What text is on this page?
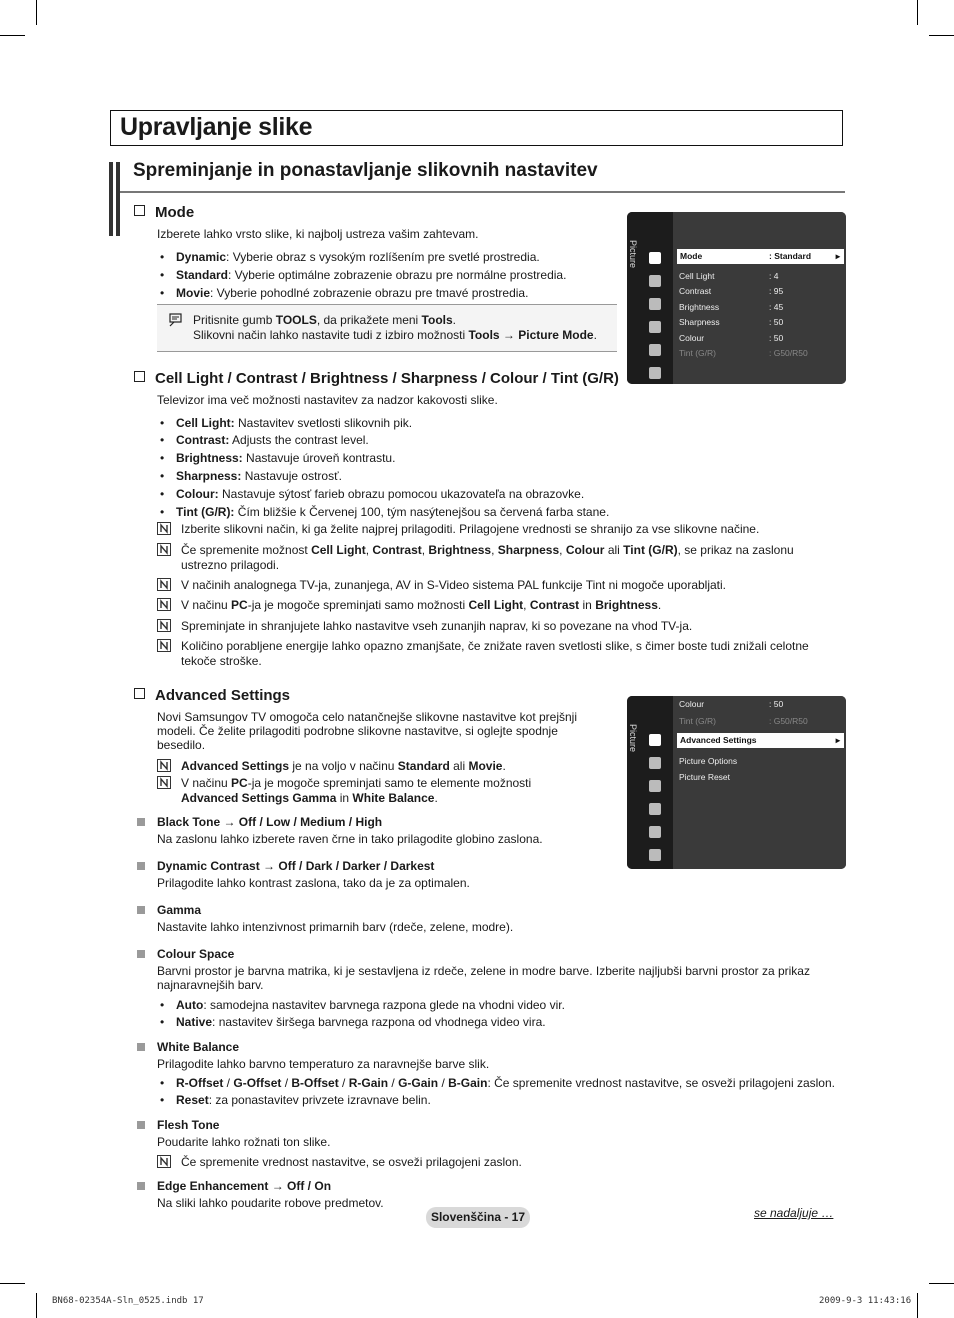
Upravljanje slike
Spreminjanje in ponastavljanje slikovnih nastavitev
Mode
Izberete lahko vrsto slike, ki najbolj ustreza vašim zahtevam.
• Dynamic: Vyberie obraz s vysokým rozlíšením pre svetlé prostredia.
• Standard: Vyberie optimálne zobrazenie obrazu pre normálne prostredia.
• Movie: Vyberie pohodlné zobrazenie obrazu pre tmavé prostredia.
Pritisnite gumb TOOLS, da prikažete meni Tools.
Slikovni način lahko nastavite tudi z izbiro možnosti Tools → Picture Mode.
Picture	Mode	: Standard	▸
Cell Light	: 4
Contrast	: 95
Brightness	: 45
Sharpness	: 50
Colour	: 50
Tint (G/R)	: G50/R50
Cell Light / Contrast / Brightness / Sharpness / Colour / Tint (G/R)
Televizor ima več možnosti nastavitev za nadzor kakovosti slike.
• Cell Light: Nastavitev svetlosti slikovnih pik.
• Contrast: Adjusts the contrast level.
• Brightness: Nastavuje úroveň kontrastu.
• Sharpness: Nastavuje ostrosť.
• Colour: Nastavuje sýtosť farieb obrazu pomocou ukazovateľa na obrazovke.
• Tint (G/R): Čím bližšie k Červenej 100, tým nasýtenejšou sa červená farba stane.
Izberite slikovni način, ki ga želite najprej prilagoditi. Prilagojene vrednosti se shranijo za vse slikovne načine.
Če spremenite možnost Cell Light, Contrast, Brightness, Sharpness, Colour ali Tint (G/R), se prikaz na zaslonu
ustrezno prilagodi.
V načinih analognega TV-ja, zunanjega, AV in S-Video sistema PAL funkcije Tint ni mogoče uporabljati.
V načinu PC-ja je mogoče spreminjati samo možnosti Cell Light, Contrast in Brightness.
Spreminjate in shranjujete lahko nastavitve vseh zunanjih naprav, ki so povezane na vhod TV-ja.
Količino porabljene energije lahko opazno zmanjšate, če znižate raven svetlosti slike, s čimer boste tudi znižali celotne
tekoče stroške.
Advanced Settings
Novi Samsungov TV omogoča celo natančnejše slikovne nastavitve kot prejšnji
modeli. Če želite prilagoditi podrobne slikovne nastavitve, si oglejte spodnje
besedilo.
Advanced Settings je na voljo v načinu Standard ali Movie.
V načinu PC-ja je mogoče spreminjati samo te elemente možnosti
Advanced Settings Gamma in White Balance.
Picture
Colour	: 50
Tint (G/R)	: G50/R50
Advanced Settings	▸
Picture Options
Picture Reset
Black Tone → Off / Low / Medium / High
Na zaslonu lahko izberete raven črne in tako prilagodite globino zaslona.
Dynamic Contrast → Off / Dark / Darker / Darkest
Prilagodite lahko kontrast zaslona, tako da je za optimalen.
Gamma
Nastavite lahko intenzivnost primarnih barv (rdeče, zelene, modre).
Colour Space
Barvni prostor je barvna matrika, ki je sestavljena iz rdeče, zelene in modre barve. Izberite najljubši barvni prostor za prikaz
najnaravnejših barv.
• Auto: samodejna nastavitev barvnega razpona glede na vhodni video vir.
• Native: nastavitev širšega barvnega razpona od vhodnega video vira.
White Balance
Prilagodite lahko barvno temperaturo za naravnejše barve slik.
• R-Offset / G-Offset / B-Offset / R-Gain / G-Gain / B-Gain: Če spremenite vrednost nastavitve, se osveži prilagojeni zaslon.
• Reset: za ponastavitev privzete izravnave belin.
Flesh Tone
Poudarite lahko rožnati ton slike.
Če spremenite vrednost nastavitve, se osveži prilagojeni zaslon.
Edge Enhancement → Off / On
Na sliki lahko poudarite robove predmetov.
Slovenščina - 17	se nadaljuje …
BN68-02354A-Sln_0525.indb 17	2009-9-3 11:43:16
